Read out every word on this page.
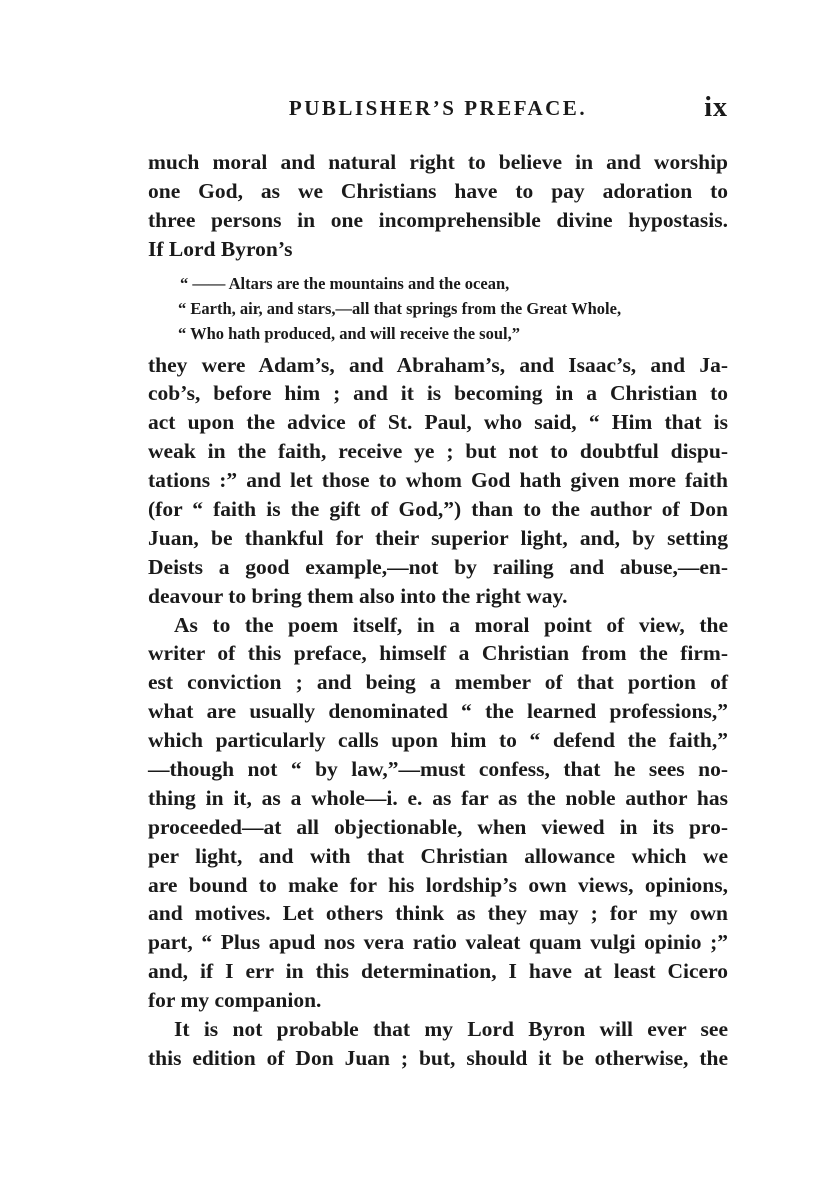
PUBLISHER’S PREFACE.	ix
much moral and natural right to believe in and worship
one God, as we Christians have to pay adoration to
three persons in one incomprehensible divine hypostasis.
If Lord Byron’s
“ —— Altars are the mountains and the ocean,
“ Earth, air, and stars,—all that springs from the Great Whole,
“ Who hath produced, and will receive the soul,”
they were Adam’s, and Abraham’s, and Isaac’s, and Ja-
cob’s, before him ; and it is becoming in a Christian to
act upon the advice of St. Paul, who said, “ Him that is
weak in the faith, receive ye ; but not to doubtful dispu-
tations :” and let those to whom God hath given more faith
(for “ faith is the gift of God,”) than to the author of Don
Juan, be thankful for their superior light, and, by setting
Deists a good example,—not by railing and abuse,—en-
deavour to bring them also into the right way.
As to the poem itself, in a moral point of view, the
writer of this preface, himself a Christian from the firm-
est conviction ; and being a member of that portion of
what are usually denominated “ the learned professions,”
which particularly calls upon him to “ defend the faith,”
—though not “ by law,”—must confess, that he sees no-
thing in it, as a whole—i. e. as far as the noble author has
proceeded—at all objectionable, when viewed in its pro-
per light, and with that Christian allowance which we
are bound to make for his lordship’s own views, opinions,
and motives. Let others think as they may ; for my own
part, “ Plus apud nos vera ratio valeat quam vulgi opinio ;”
and, if I err in this determination, I have at least Cicero
for my companion.
It is not probable that my Lord Byron will ever see
this edition of Don Juan ; but, should it be otherwise, the
